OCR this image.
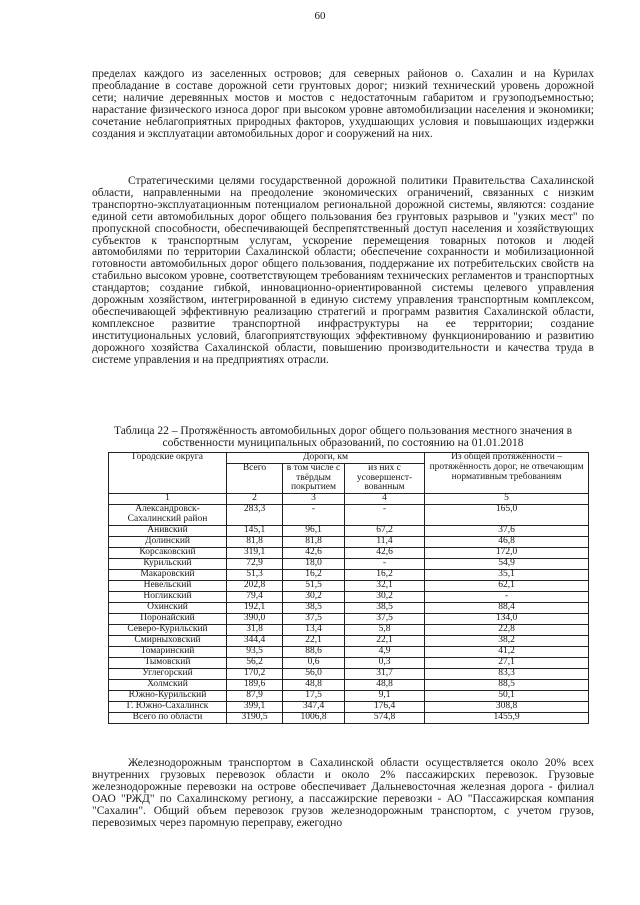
60

пределах каждого из заселенных островов; для северных районов о. Сахалин и на Курилах преобладание в составе дорожной сети грунтовых дорог; низкий технический уровень дорожной сети; наличие деревянных мостов и мостов с недостаточным габаритом и грузоподъемностью; нарастание физического износа дорог при высоком уровне автомобилизации населения и экономики; сочетание неблагоприятных природных факторов, ухудшающих условия и повышающих издержки создания и эксплуатации автомобильных дорог и сооружений на них.

Стратегическими целями государственной дорожной политики Правительства Сахалинской области, направленными на преодоление экономических ограничений, связанных с низким транспортно-эксплуатационным потенциалом региональной дорожной системы, являются: создание единой сети автомобильных дорог общего пользования без грунтовых разрывов и "узких мест" по пропускной способности, обеспечивающей беспрепятственный доступ населения и хозяйствующих субъектов к транспортным услугам, ускорение перемещения товарных потоков и людей автомобилями по территории Сахалинской области; обеспечение сохранности и мобилизационной готовности автомобильных дорог общего пользования, поддержание их потребительских свойств на стабильно высоком уровне, соответствующем требованиям технических регламентов и транспортных стандартов; создание гибкой, инновационно-ориентированной системы целевого управления дорожным хозяйством, интегрированной в единую систему управления транспортным комплексом, обеспечивающей эффективную реализацию стратегий и программ развития Сахалинской области, комплексное развитие транспортной инфраструктуры на ее территории; создание институциональных условий, благоприятствующих эффективному функционированию и развитию дорожного хозяйства Сахалинской области, повышению производительности и качества труда в системе управления и на предприятиях отрасли.

Таблица 22 – Протяжённость автомобильных дорог общего пользования местного значения в собственности муниципальных образований, по состоянию на 01.01.2018
Городские округа	Дороги, км			Из общей протяжённости – протяжённость дорог, не отвечающим нормативным требованиям
	Всего	в том числе с твёрдым покрытием	из них с усовершенст-вованным	
1	2	3	4	5
Александровск-Сахалинский район	283,3	-	-	165,0
Анивский	145,1	96,1	67,2	37,6
Долинский	81,8	81,8	11,4	46,8
Корсаковский	319,1	42,6	42,6	172,0
Курильский	72,9	18,0	-	54,9
Макаровский	51,3	16,2	16,2	35,1
Невельский	202,8	51,5	32,1	62,1
Ногликский	79,4	30,2	30,2	-
Охинский	192,1	38,5	38,5	88,4
Поронайский	390,0	37,5	37,5	134,0
Северо-Курильский	31,8	13,4	5,8	22,8
Смирныховский	344,4	22,1	22,1	38,2
Томаринский	93,5	88,6	4,9	41,2
Тымовский	56,2	0,6	0,3	27,1
Углегорский	170,2	56,0	31,7	83,3
Холмский	189,6	48,8	48,8	88,5
Южно-Курильский	87,9	17,5	9,1	50,1
Г. Южно-Сахалинск	399,1	347,4	176,4	308,8
Всего по области	3190,5	1006,8	574,8	1455,9

Железнодорожным транспортом в Сахалинской области осуществляется около 20% всех внутренних грузовых перевозок области и около 2% пассажирских перевозок. Грузовые железнодорожные перевозки на острове обеспечивает Дальневосточная железная дорога - филиал ОАО "РЖД" по Сахалинскому региону, а пассажирские перевозки - АО "Пассажирская компания "Сахалин". Общий объем перевозок грузов железнодорожным транспортом, с учетом грузов, перевозимых через паромную переправу, ежегодно
